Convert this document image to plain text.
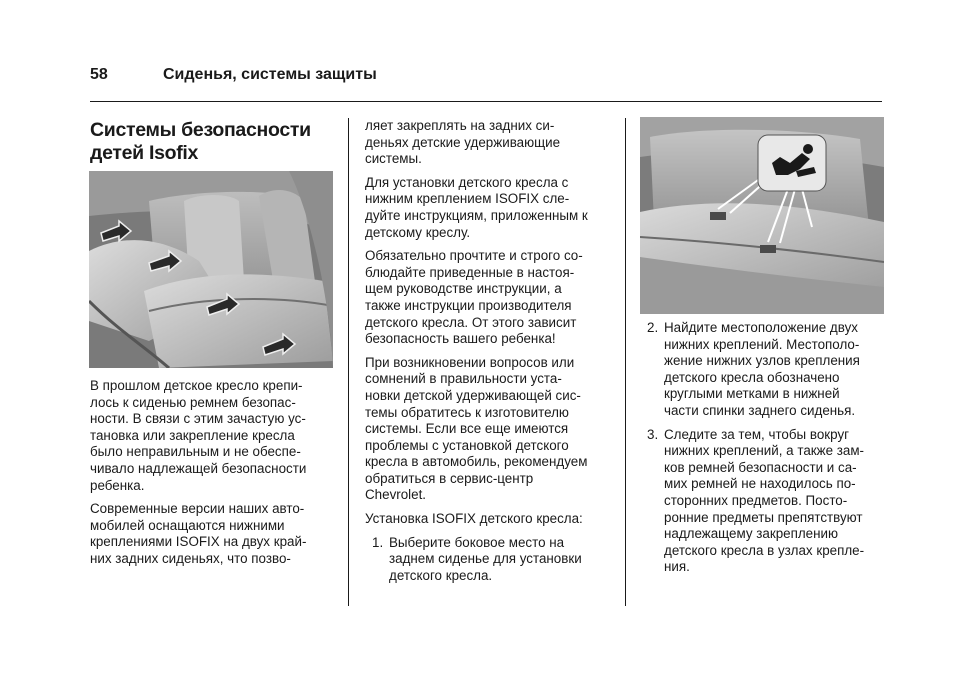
58	Сиденья, системы защиты
Системы безопасности
детей Isofix

В прошлом детское кресло крепи-
лось к сиденью ремнем безопас-
ности. В связи с этим зачастую ус-
тановка или закрепление кресла
было неправильным и не обеспе-
чивало надлежащей безопасности
ребенка.

Современные версии наших авто-
мобилей оснащаются нижними
креплениями ISOFIX на двух край-
них задних сиденьях, что позво-

ляет закреплять на задних си-
деньях детские удерживающие
системы.

Для установки детского кресла с
нижним креплением ISOFIX сле-
дуйте инструкциям, приложенным к
детскому креслу.

Обязательно прочтите и строго со-
блюдайте приведенные в настоя-
щем руководстве инструкции, а
также инструкции производителя
детского кресла. От этого зависит
безопасность вашего ребенка!

При возникновении вопросов или
сомнений в правильности уста-
новки детской удерживающей сис-
темы обратитесь к изготовителю
системы. Если все еще имеются
проблемы с установкой детского
кресла в автомобиль, рекомендуем
обратиться в сервис-центр
Chevrolet.

Установка ISOFIX детского кресла:

1. Выберите боковое место на
заднем сиденье для установки
детского кресла.
2. Найдите местоположение двух
нижних креплений. Местополо-
жение нижних узлов крепления
детского кресла обозначено
круглыми метками в нижней
части спинки заднего сиденья.
3. Следите за тем, чтобы вокруг
нижних креплений, а также зам-
ков ремней безопасности и са-
мих ремней не находилось по-
сторонних предметов. Посто-
ронние предметы препятствуют
надлежащему закреплению
детского кресла в узлах крепле-
ния.
